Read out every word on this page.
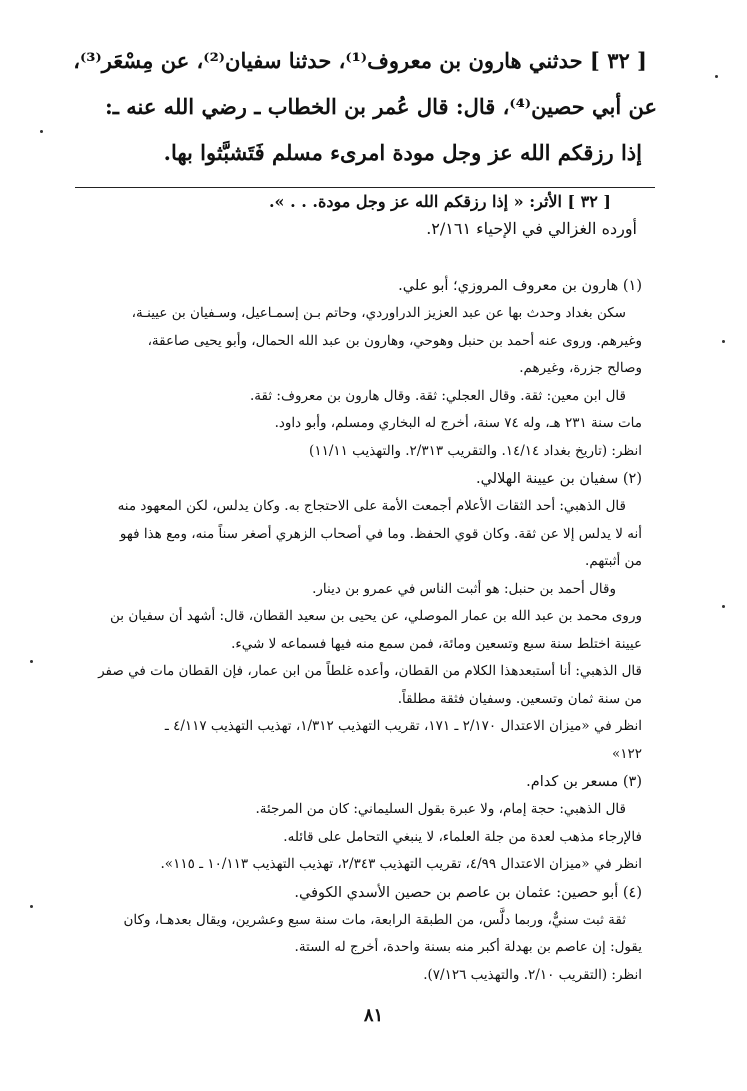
[ ٣٢ ] حدثني هارون بن معروف⁽¹⁾، حدثنا سفيان⁽²⁾، عن مِسْعَر⁽³⁾،
عن أبي حصين⁽⁴⁾، قال: قال عُمر بن الخطاب ـ رضي الله عنه ـ:
إذا رزقكم الله عز وجل مودة امرىء مسلم فَتَشبَّثوا بها.
[ ٣٢ ] الأثر: « إذا رزقكم الله عز وجل مودة. . . ».
أورده الغزالي في الإحياء ٢/١٦١.
(١) هارون بن معروف المروزي؛ أبو علي.
سكن بغداد وحدث بها عن عبد العزيز الدراوردي، وحاتم بـن إسمـاعيل، وسـفيان بن عيينـة،
وغيرهم. وروى عنه أحمد بن حنبل وهوحي، وهارون بن عبد الله الحمال، وأبو يحيى صاعقة،
وصالح جزرة، وغيرهم.
قال ابن معين: ثقة. وقال العجلي: ثقة. وقال هارون بن معروف: ثقة.
مات سنة ٢٣١ هـ، وله ٧٤ سنة، أخرج له البخاري ومسلم، وأبو داود.
انظر: (تاريخ بغداد ١٤/١٤. والتقريب ٢/٣١٣. والتهذيب ١١/١١)
(٢) سفيان بن عيينة الهلالي.
قال الذهبي: أحد الثقات الأعلام أجمعت الأمة على الاحتجاج به. وكان يدلس، لكن المعهود منه
أنه لا يدلس إلا عن ثقة. وكان قوي الحفظ. وما في أصحاب الزهري أصغر سناً منه، ومع هذا فهو
من أثبتهم.
وقال أحمد بن حنبل: هو أثبت الناس في عمرو بن دينار.
وروى محمد بن عبد الله بن عمار الموصلي، عن يحيى بن سعيد القطان، قال: أشهد أن سفيان بن
عيينة اختلط سنة سبع وتسعين ومائة، فمن سمع منه فيها فسماعه لا شيء.
قال الذهبي: أنا أستبعدهذا الكلام من القطان، وأعده غلطاً من ابن عمار، فإن القطان مات في صفر
من سنة ثمان وتسعين. وسفيان فثقة مطلقاً.
انظر في «ميزان الاعتدال ٢/١٧٠ ـ ١٧١، تقريب التهذيب ١/٣١٢، تهذيب التهذيب ٤/١١٧ ـ
١٢٢»
(٣) مسعر بن كدام.
قال الذهبي: حجة إمام، ولا عبرة بقول السليماني: كان من المرجئة.
فالإرجاء مذهب لعدة من جلة العلماء، لا ينبغي التحامل على قائله.
انظر في «ميزان الاعتدال ٤/٩٩، تقريب التهذيب ٢/٣٤٣، تهذيب التهذيب ١٠/١١٣ ـ ١١٥».
(٤) أبو حصين: عثمان بن عاصم بن حصين الأسدي الكوفي.
ثقة ثبت سنيٌّ، وربما دلَّس، من الطبقة الرابعة، مات سنة سبع وعشرين، ويقال بعدهـا، وكان
يقول: إن عاصم بن بهدلة أكبر منه بسنة واحدة، أخرج له الستة.
انظر: (التقريب ٢/١٠. والتهذيب ٧/١٢٦).
٨١
